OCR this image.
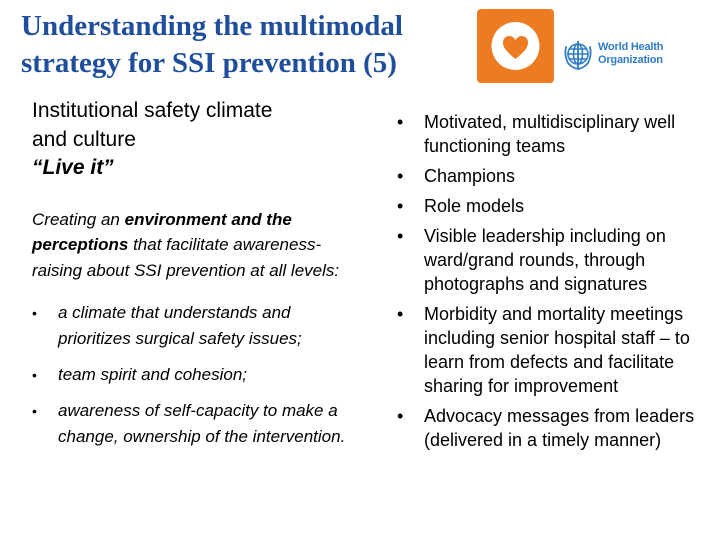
Understanding the multimodal
strategy for SSI prevention (5)	World Health
Organization
Institutional safety climate
and culture
“Live it”

Creating an environment and the perceptions that facilitate awareness-raising about SSI prevention at all levels:

• a climate that understands and prioritizes surgical safety issues;
• team spirit and cohesion;
• awareness of self-capacity to make a change, ownership of the intervention.
• Motivated, multidisciplinary well functioning teams
• Champions
• Role models
• Visible leadership including on ward/grand rounds, through photographs and signatures
• Morbidity and mortality meetings including senior hospital staff – to learn from defects and facilitate sharing for improvement
• Advocacy messages from leaders (delivered in a timely manner)
